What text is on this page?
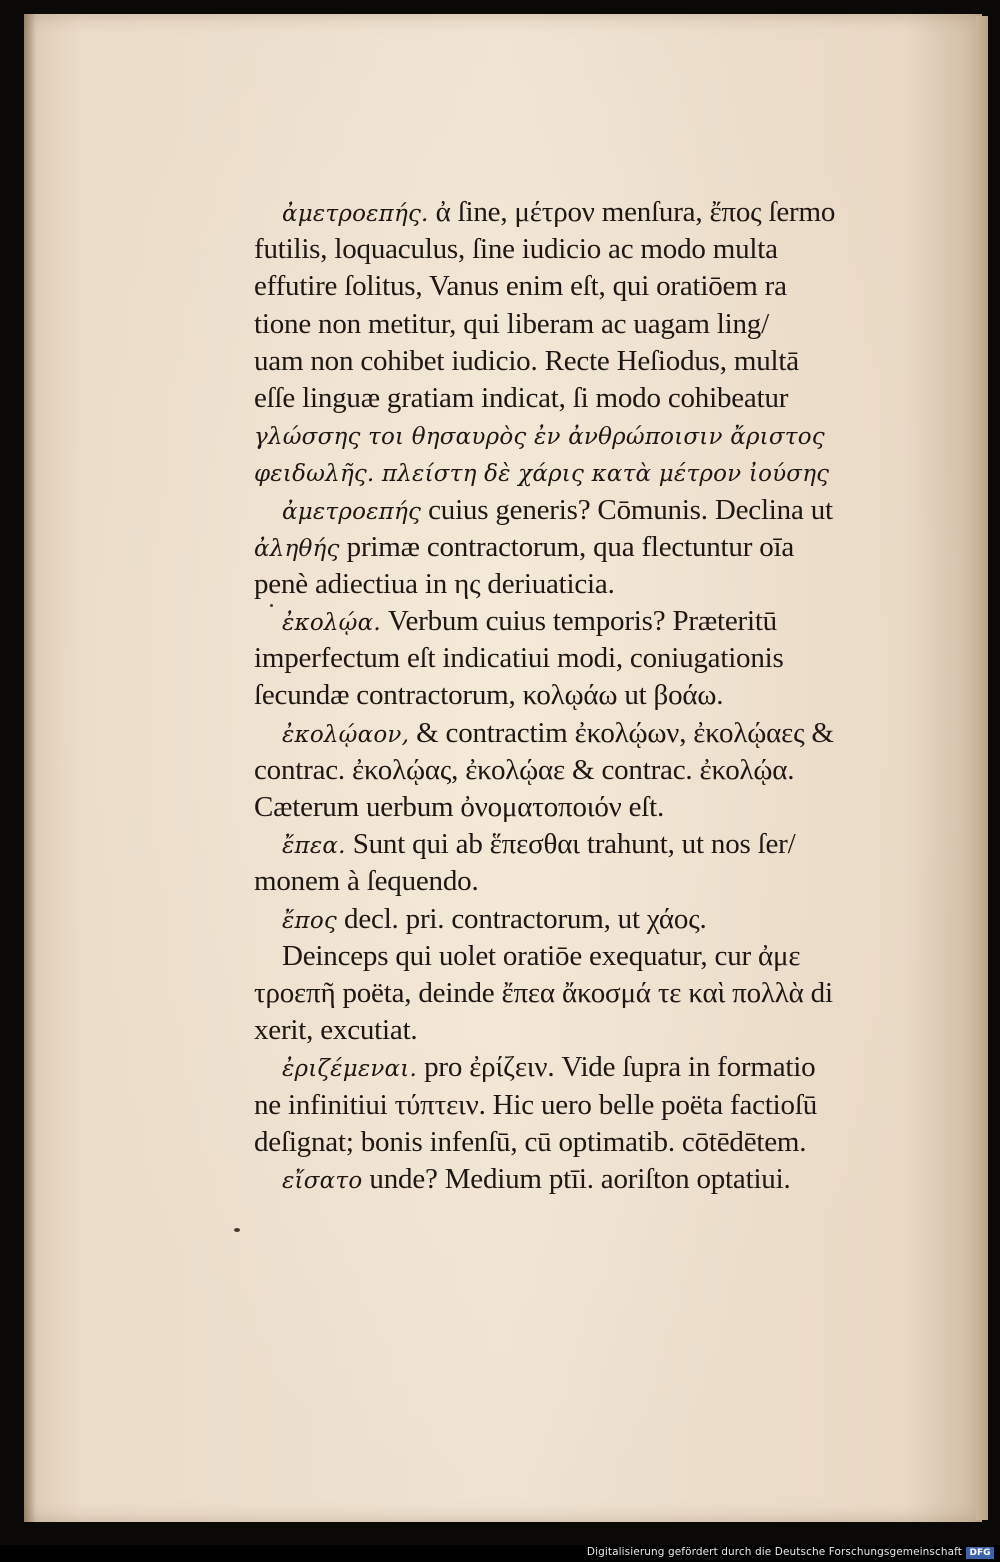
ἀμετροεπής. ἀ ſine, μέτρον menſura, ἔπος ſermo
futilis, loquaculus, ſine iudicio ac modo multa
effutire ſolitus, Vanus enim eſt, qui oratiōem ra
tione non metitur, qui liberam ac uagam ling/
uam non cohibet iudicio. Recte Heſiodus, multā
eſſe linguæ gratiam indicat, ſi modo cohibeatur
γλώσσης τοι θησαυρὸς ἐν ἀνθρώποισιν ἄριστος
φειδωλῆς. πλείστη δὲ χάρις κατὰ μέτρον ἰούσης
ἀμετροεπής cuius generis? Cōmunis. Declina ut
ἀληθής primæ contractorum, qua flectuntur oīa
penè adiectiua in ης deriuaticia.
ἐκολῴα. Verbum cuius temporis? Præteritū
imperfectum eſt indicatiui modi, coniugationis
ſecundæ contractorum, κολῳάω ut βοάω.
ἐκολῴαον, & contractim ἐκολῴων, ἐκολῴαες &
contrac. ἐκολῴας, ἐκολῴαε & contrac. ἐκολῴα.
Cæterum uerbum ὀνοματοποιόν eſt.
ἔπεα. Sunt qui ab ἕπεσθαι trahunt, ut nos ſer/
monem à ſequendo.
ἔπος decl. pri. contractorum, ut χάος.
Deinceps qui uolet oratiōe exequatur, cur ἀμε
τροεπῆ poëta, deinde ἔπεα ἄκοσμά τε καὶ πολλὰ di
xerit, excutiat.
ἐριζέμεναι. pro ἐρίζειν. Vide ſupra in formatio
ne infinitiui τύπτειν. Hic uero belle poëta factioſū
deſignat; bonis infenſū, cū optimatib. cōtēdētem.
εἴσατο unde? Medium ptīi. aoriſton optatiui.
Digitalisierung gefördert durch die Deutsche Forschungsgemeinschaft DFG
